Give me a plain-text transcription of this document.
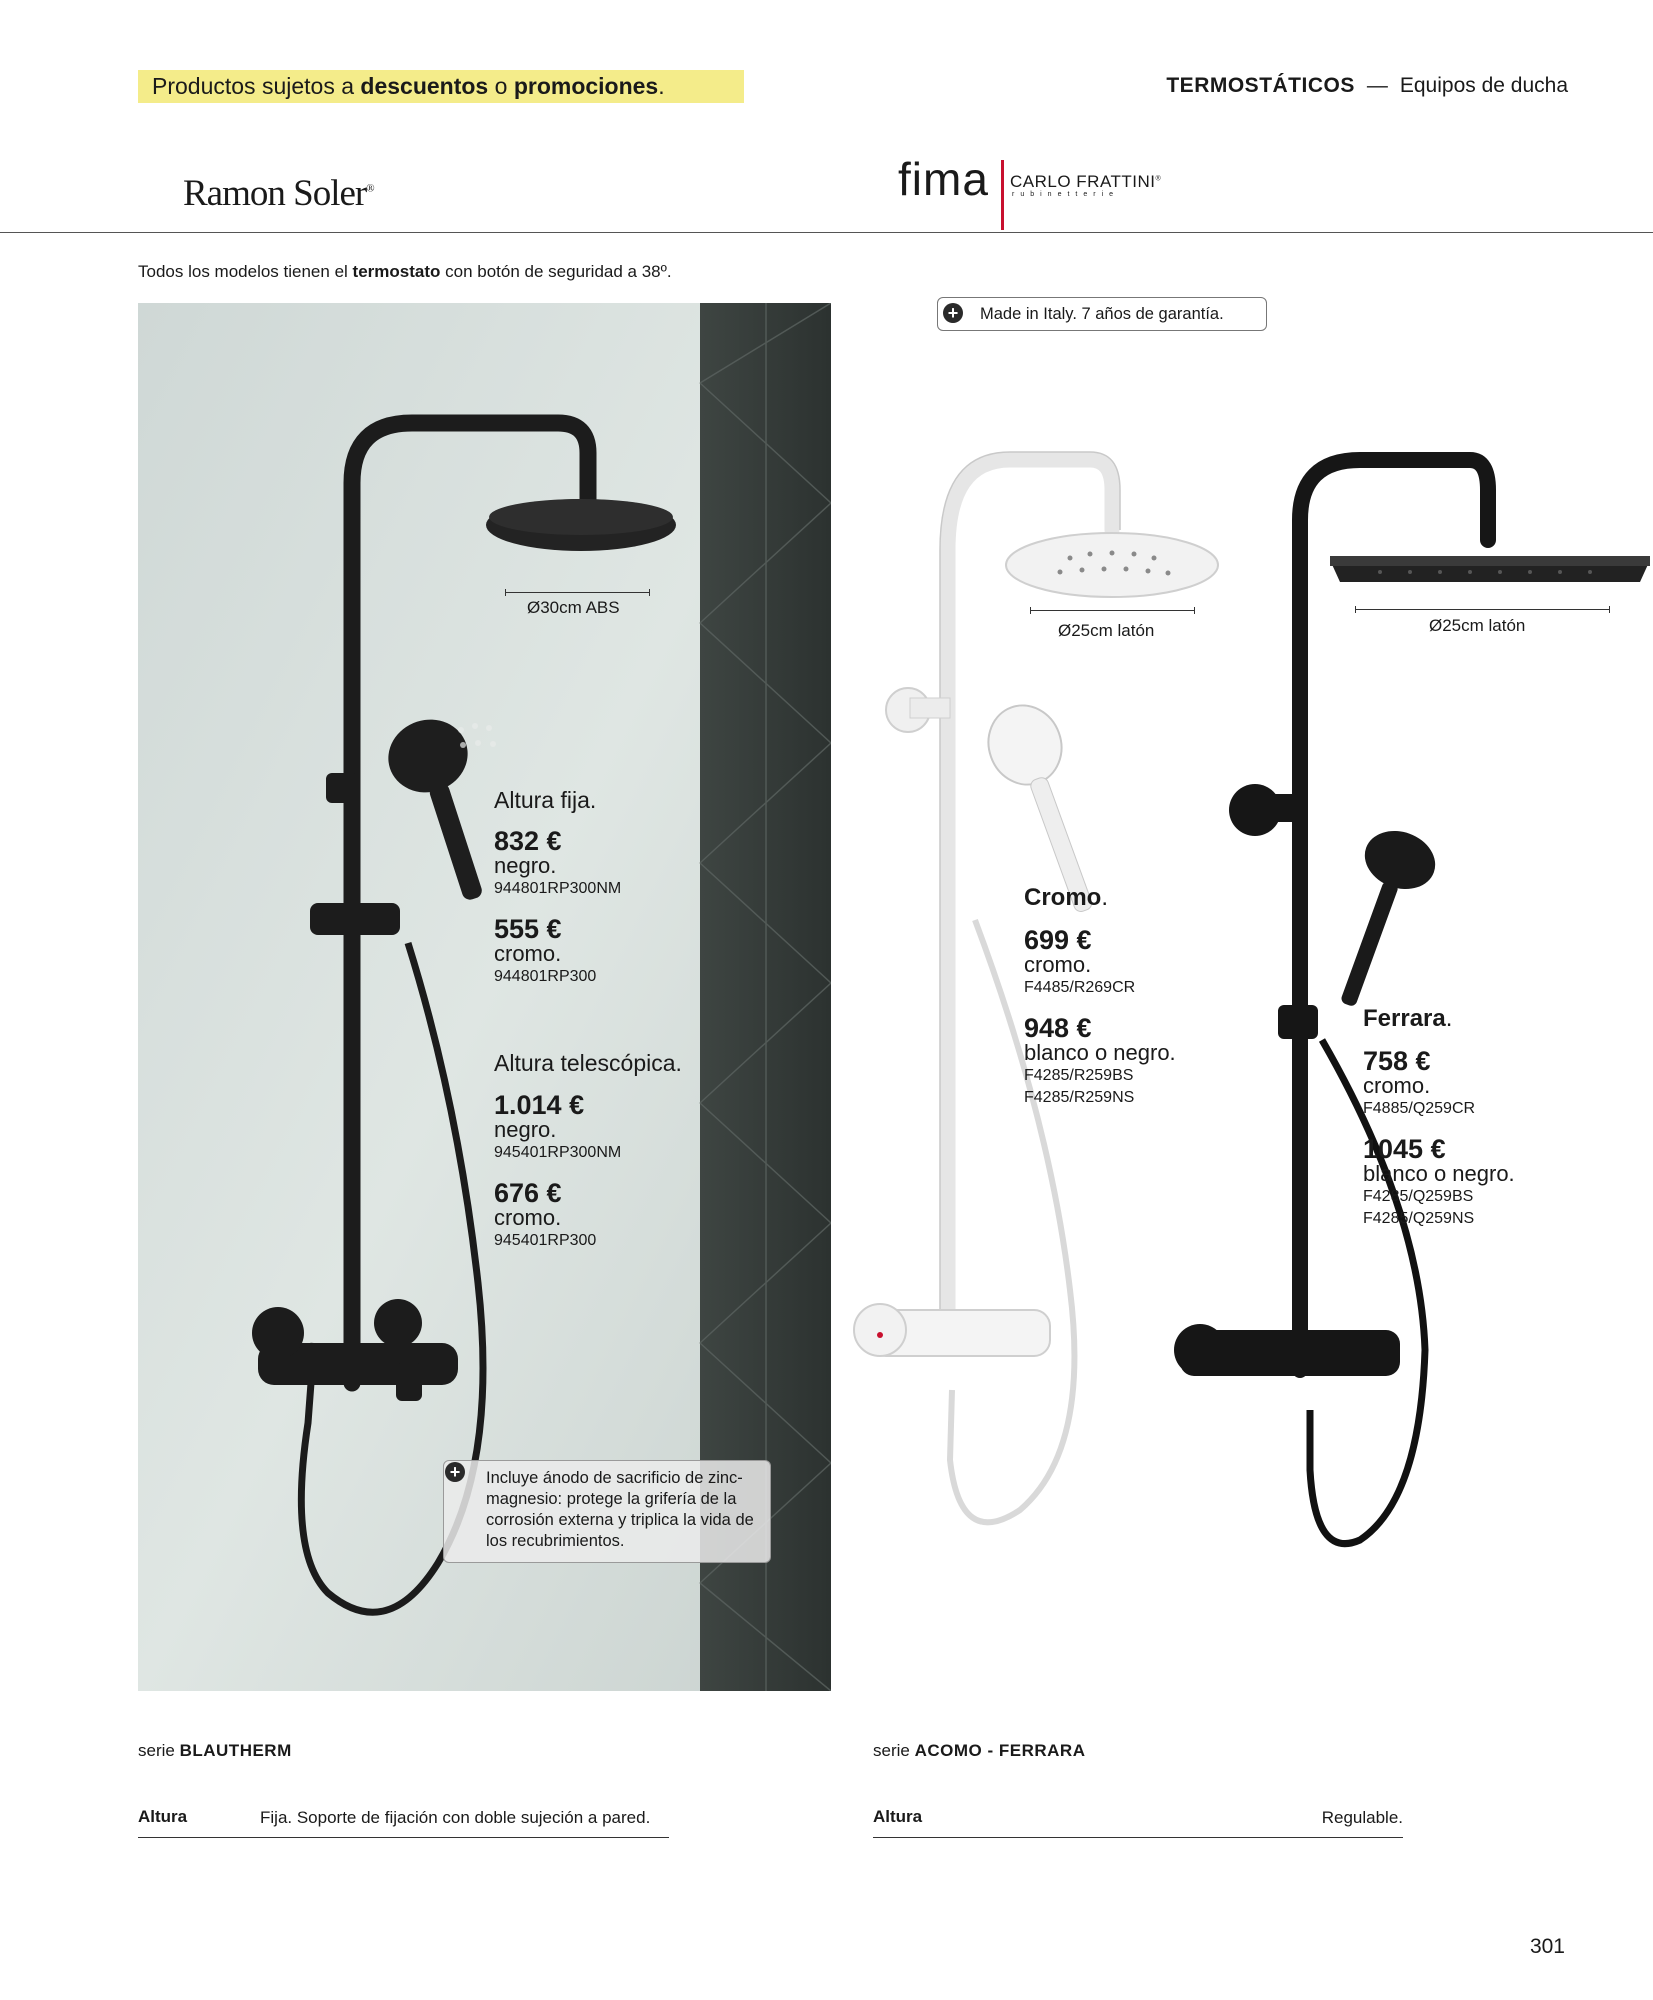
Productos sujetos a descuentos o promociones.	TERMOSTÁTICOS — Equipos de ducha
Ramon Soler®	fima CARLO FRATTINI®
rubinetterie
Todos los modelos tienen el termostato con botón de seguridad a 38º.
Ø30cm ABS
Altura fija.
832 €
negro.
944801RP300NM
555 €
cromo.
944801RP300
Altura telescópica.
1.014 €
negro.
945401RP300NM
676 €
cromo.
945401RP300
+ Incluye ánodo de sacrificio de zinc-magnesio: protege la grifería de la corrosión externa y triplica la vida de los recubrimientos.
+ Made in Italy. 7 años de garantía.
Ø25cm latón	Ø25cm latón
Cromo.
699 €
cromo.
F4485/R269CR
948 €
blanco o negro.
F4285/R259BS
F4285/R259NS
Ferrara.
758 €
cromo.
F4885/Q259CR
1045 €
blanco o negro.
F4285/Q259BS
F4285/Q259NS
serie BLAUTHERM
Altura	Fija. Soporte de fijación con doble sujeción a pared.
serie ACOMO - FERRARA
Altura	Regulable.
301
